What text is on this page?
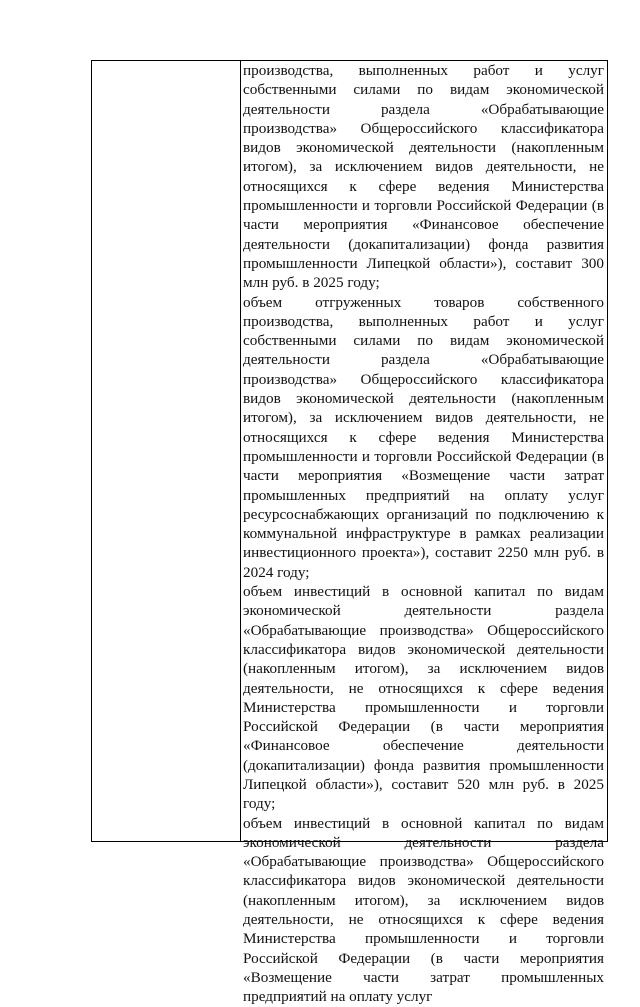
производства, выполненных работ и услуг собственными силами по видам экономической деятельности раздела «Обрабатывающие производства» Общероссийского классификатора видов экономической деятельности (накопленным итогом), за исключением видов деятельности, не относящихся к сфере ведения Министерства промышленности и торговли Российской Федерации (в части мероприятия «Финансовое обеспечение деятельности (докапитализации) фонда развития промышленности Липецкой области»), составит 300 млн руб. в 2025 году;

объем отгруженных товаров собственного производства, выполненных работ и услуг собственными силами по видам экономической деятельности раздела «Обрабатывающие производства» Общероссийского классификатора видов экономической деятельности (накопленным итогом), за исключением видов деятельности, не относящихся к сфере ведения Министерства промышленности и торговли Российской Федерации (в части мероприятия «Возмещение части затрат промышленных предприятий на оплату услуг ресурсоснабжающих организаций по подключению к коммунальной инфраструктуре в рамках реализации инвестиционного проекта»), составит 2250 млн руб. в 2024 году;

объем инвестиций в основной капитал по видам экономической деятельности раздела «Обрабатывающие производства» Общероссийского классификатора видов экономической деятельности (накопленным итогом), за исключением видов деятельности, не относящихся к сфере ведения Министерства промышленности и торговли Российской Федерации (в части мероприятия «Финансовое обеспечение деятельности (докапитализации) фонда развития промышленности Липецкой области»), составит 520 млн руб. в 2025 году;

объем инвестиций в основной капитал по видам экономической деятельности раздела «Обрабатывающие производства» Общероссийского классификатора видов экономической деятельности (накопленным итогом), за исключением видов деятельности, не относящихся к сфере ведения Министерства промышленности и торговли Российской Федерации (в части мероприятия «Возмещение части затрат промышленных предприятий на оплату услуг
